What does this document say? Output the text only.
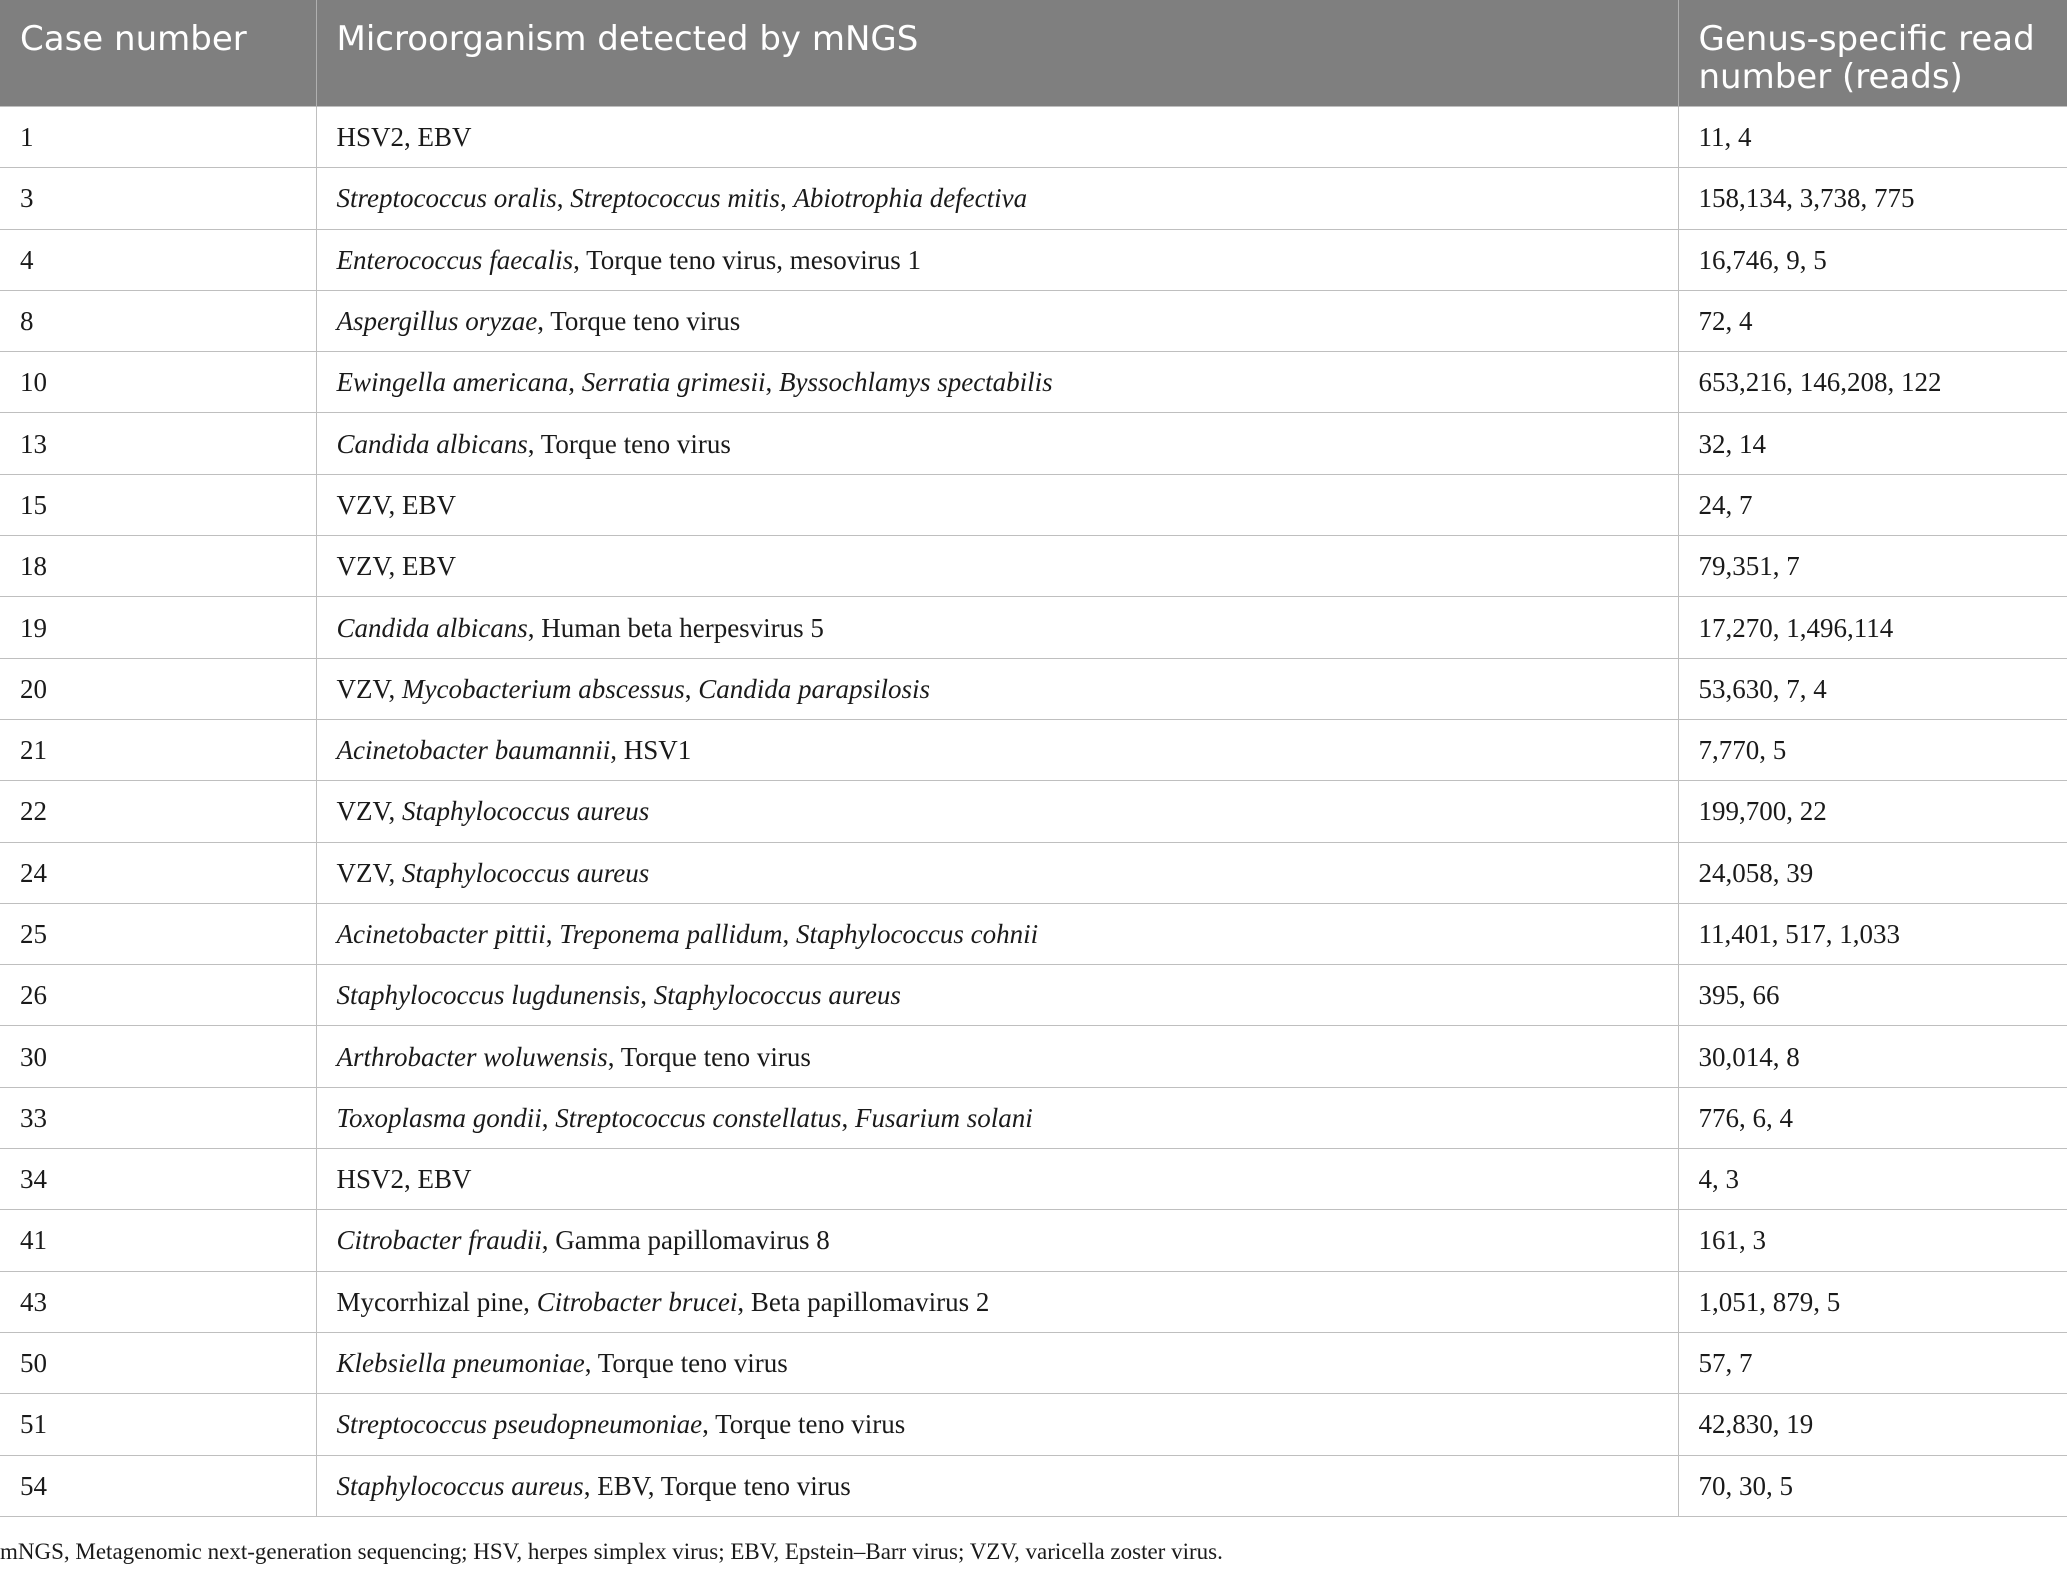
Case number	Microorganism detected by mNGS	Genus-specific read number (reads)
1	HSV2, EBV	11, 4
3	Streptococcus oralis, Streptococcus mitis, Abiotrophia defectiva	158,134, 3,738, 775
4	Enterococcus faecalis, Torque teno virus, mesovirus 1	16,746, 9, 5
8	Aspergillus oryzae, Torque teno virus	72, 4
10	Ewingella americana, Serratia grimesii, Byssochlamys spectabilis	653,216, 146,208, 122
13	Candida albicans, Torque teno virus	32, 14
15	VZV, EBV	24, 7
18	VZV, EBV	79,351, 7
19	Candida albicans, Human beta herpesvirus 5	17,270, 1,496,114
20	VZV, Mycobacterium abscessus, Candida parapsilosis	53,630, 7, 4
21	Acinetobacter baumannii, HSV1	7,770, 5
22	VZV, Staphylococcus aureus	199,700, 22
24	VZV, Staphylococcus aureus	24,058, 39
25	Acinetobacter pittii, Treponema pallidum, Staphylococcus cohnii	11,401, 517, 1,033
26	Staphylococcus lugdunensis, Staphylococcus aureus	395, 66
30	Arthrobacter woluwensis, Torque teno virus	30,014, 8
33	Toxoplasma gondii, Streptococcus constellatus, Fusarium solani	776, 6, 4
34	HSV2, EBV	4, 3
41	Citrobacter fraudii, Gamma papillomavirus 8	161, 3
43	Mycorrhizal pine, Citrobacter brucei, Beta papillomavirus 2	1,051, 879, 5
50	Klebsiella pneumoniae, Torque teno virus	57, 7
51	Streptococcus pseudopneumoniae, Torque teno virus	42,830, 19
54	Staphylococcus aureus, EBV, Torque teno virus	70, 30, 5
mNGS, Metagenomic next-generation sequencing; HSV, herpes simplex virus; EBV, Epstein–Barr virus; VZV, varicella zoster virus.
